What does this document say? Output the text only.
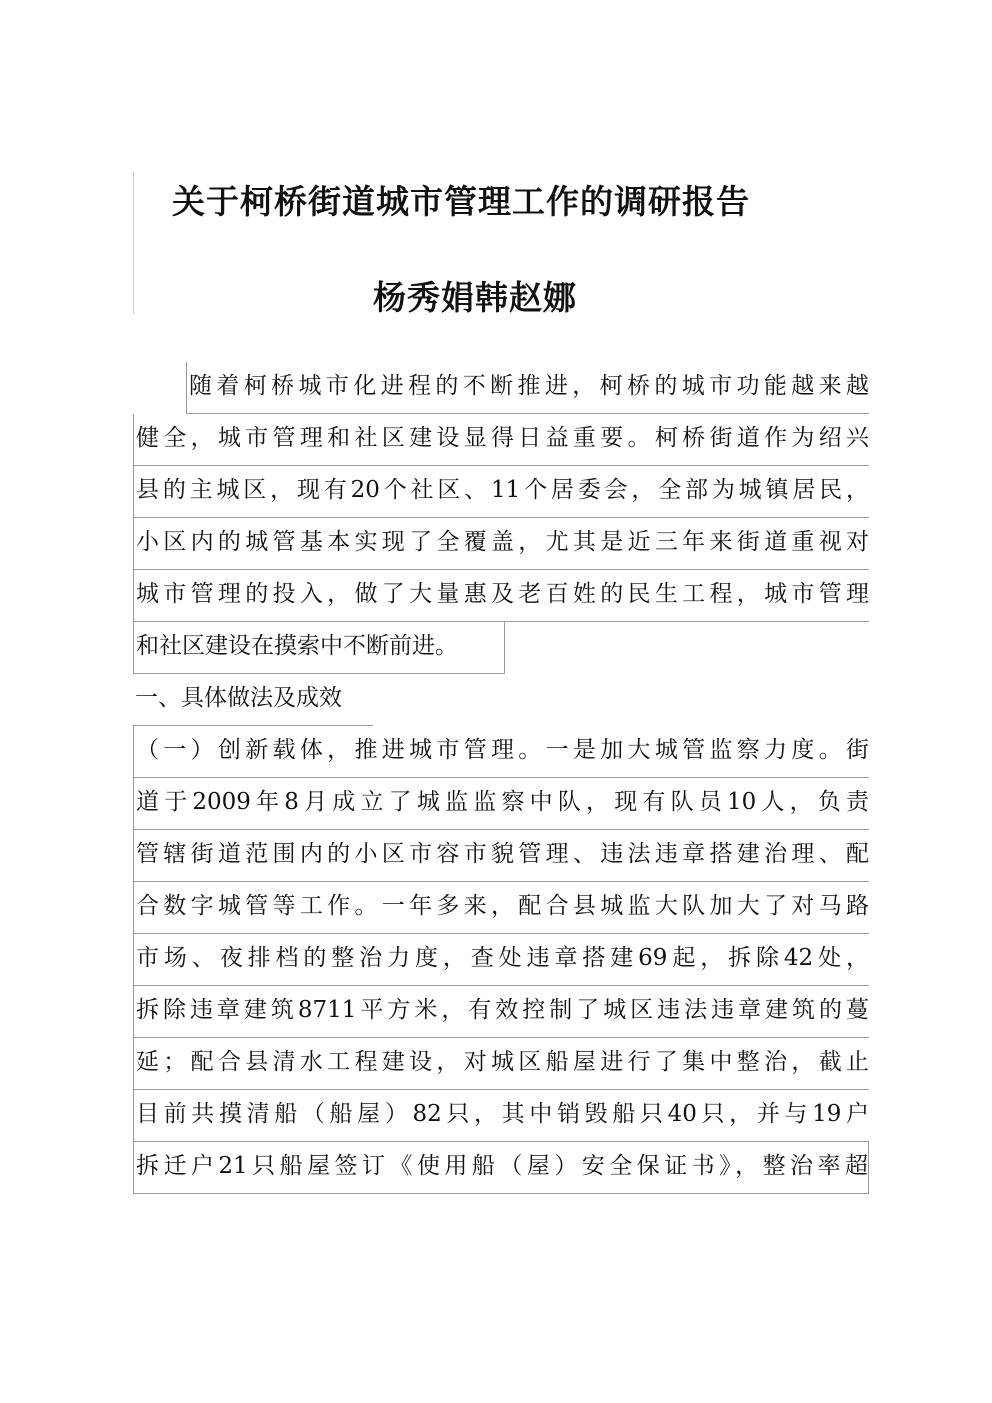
关于柯桥街道城市管理工作的调研报告
杨秀娟韩赵娜
随着柯桥城市化进程的不断推进，柯桥的城市功能越来越
健全，城市管理和社区建设显得日益重要。柯桥街道作为绍兴
县的主城区，现有20个社区、11个居委会，全部为城镇居民，
小区内的城管基本实现了全覆盖，尤其是近三年来街道重视对
城市管理的投入，做了大量惠及老百姓的民生工程，城市管理
和社区建设在摸索中不断前进。
一、具体做法及成效
（一）创新载体，推进城市管理。一是加大城管监察力度。街
道于2009年8月成立了城监监察中队，现有队员10人，负责
管辖街道范围内的小区市容市貌管理、违法违章搭建治理、配
合数字城管等工作。一年多来，配合县城监大队加大了对马路
市场、夜排档的整治力度，查处违章搭建69起，拆除42处，
拆除违章建筑8711平方米，有效控制了城区违法违章建筑的蔓
延；配合县清水工程建设，对城区船屋进行了集中整治，截止
目前共摸清船（船屋）82只，其中销毁船只40只，并与19户
拆迁户21只船屋签订《使用船（屋）安全保证书》，整治率超
